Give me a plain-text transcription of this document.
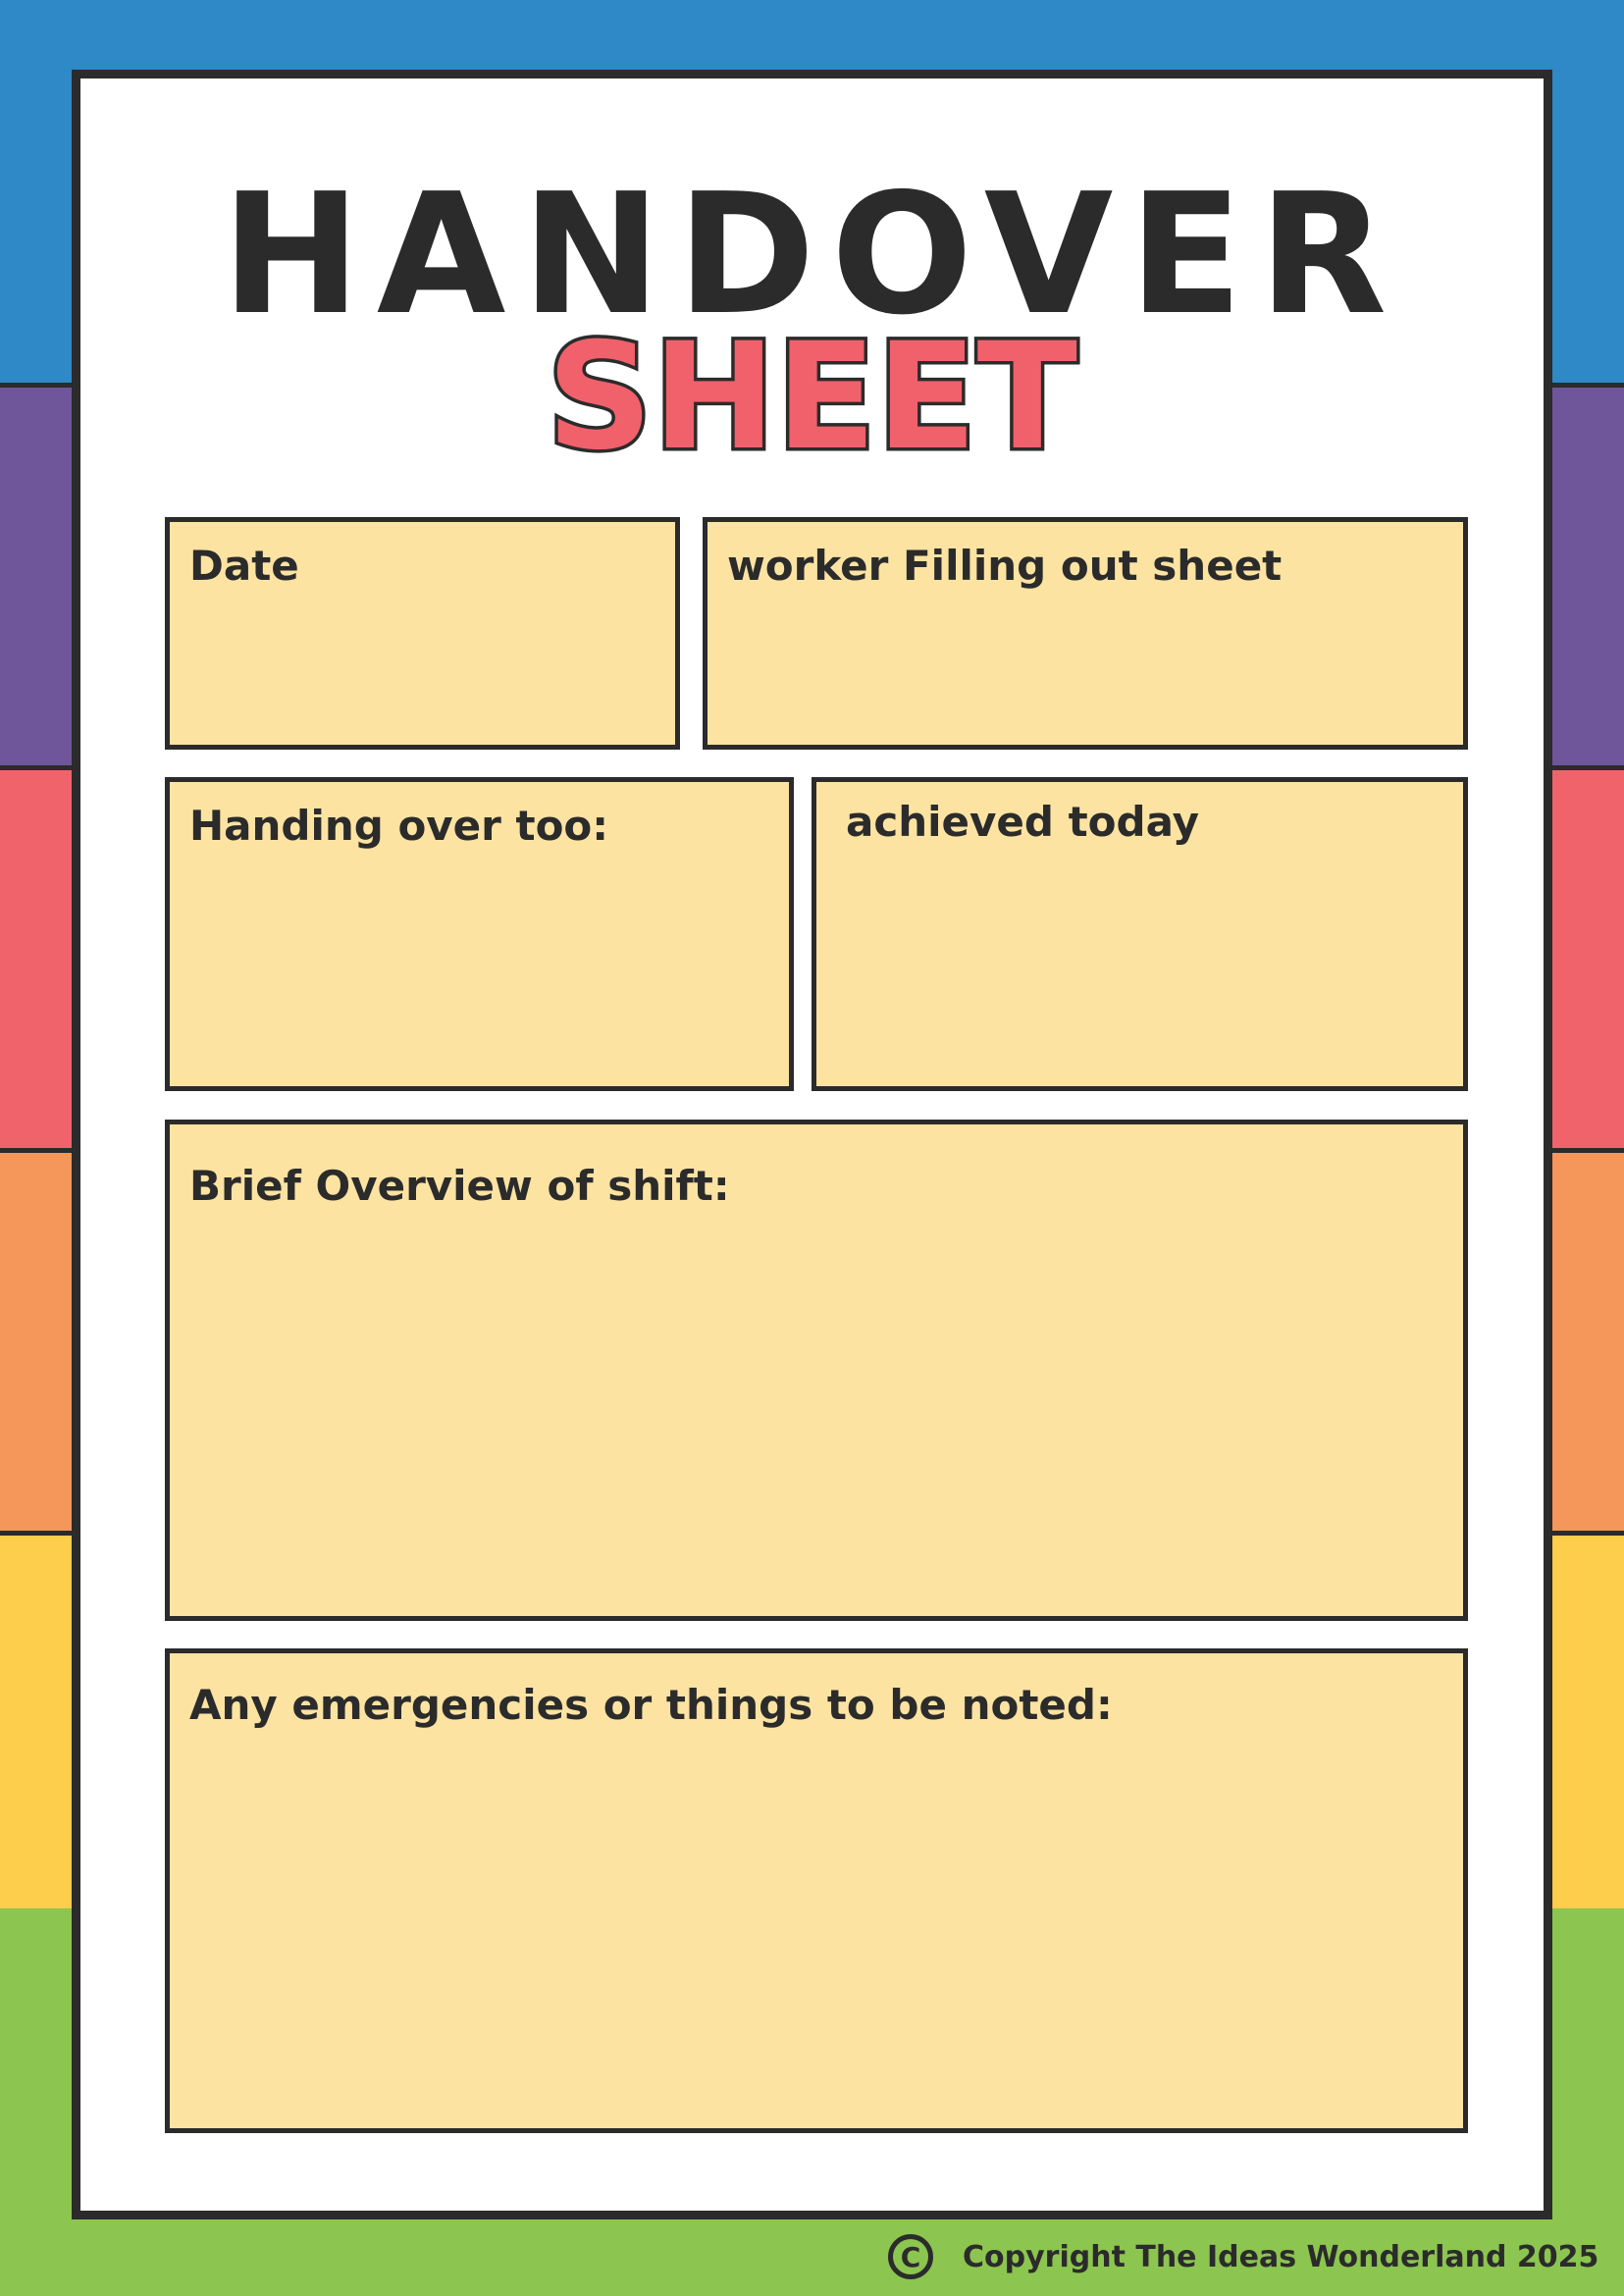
HANDOVER
SHEET
Date	worker Filling out sheet
Handing over too:	achieved today
Brief Overview of shift:
Any emergencies or things to be noted:
C	Copyright The Ideas Wonderland 2025
